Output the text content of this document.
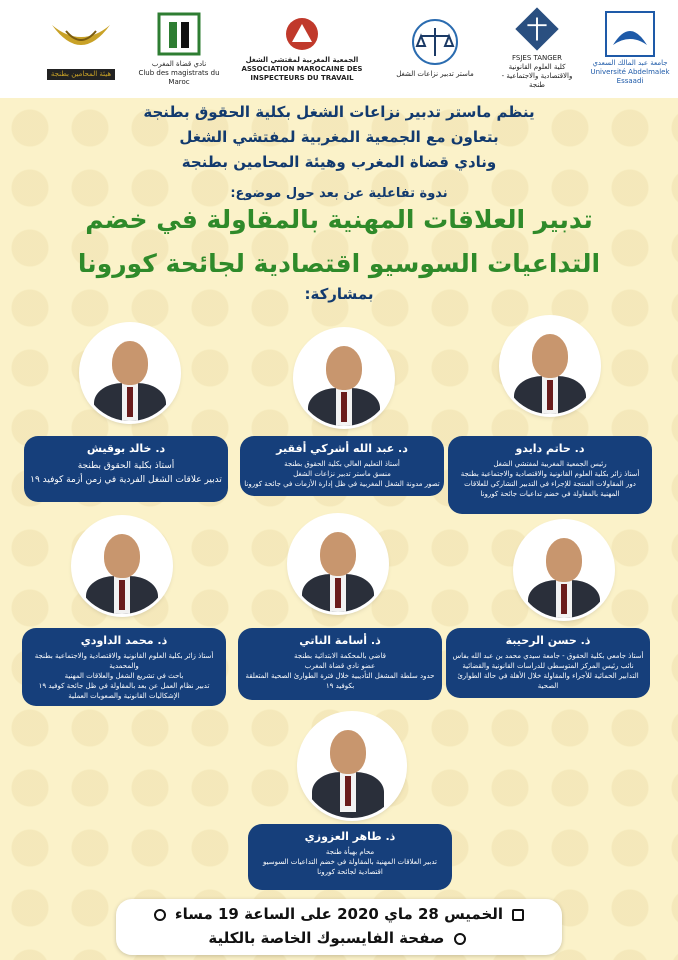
جامعة عبد المالك السعدي
Université Abdelmalek Essaadi
FSJES TANGER
كلية العلوم القانونية والاقتصادية والاجتماعية - طنجة
ماستر تدبير نزاعات الشغل
الجمعية المغربية لمفتشي الشغل
ASSOCIATION MAROCAINE DES INSPECTEURS DU TRAVAIL
نادي قضاة المغرب
Club des magistrats du Maroc
هيئة المحامين بطنجة
ينظم ماستر تدبير نزاعات الشغل بكلية الحقوق بطنجة
بتعاون مع الجمعية المغربية لمفتشي الشغل
ونادي قضاة المغرب وهيئة المحامين بطنجة
ندوة تفاعلية عن بعد حول موضوع:
تدبير العلاقات المهنية بالمقاولة في خضم
التداعيات السوسيو اقتصادية لجائحة كورونا
بمشاركة:
د. حاتم دايدو
رئيس الجمعية المغربية لمفتشي الشغل
أستاذ زائر بكلية العلوم القانونية والاقتصادية والاجتماعية بطنجة
دور المقاولات المنتجة للإجراء في التدبير التشاركي للعلاقات
المهنية بالمقاولة في خضم تداعيات جائحة كورونا
د. عبد الله أشركي أفقير
أستاذ التعليم العالي بكلية الحقوق بطنجة
منسق ماستر تدبير نزاعات الشغل
تصور مدونة الشغل المغربية في ظل إدارة الأزمات في جائحة كورونا
د. خالد بوقيش
أستاذ بكلية الحقوق بطنجة
تدبير علاقات الشغل الفردية في زمن أزمة كوفيد ١٩
ذ. حسن الرحيبة
أستاذ جامعي بكلية الحقوق - جامعة سيدي محمد بن عبد الله بفاس
نائب رئيس المركز المتوسطي للدراسات القانونية والقضائية
التدابير الحمائية للأجراء والمقاولة خلال الأهلة في حالة الطوارئ الصحية
ذ. أسامة الناتي
قاضي بالمحكمة الابتدائية بطنجة
عضو نادي قضاة المغرب
حدود سلطة المشغل التأديبية خلال فترة الطوارئ الصحية المتعلقة
بكوفيد ١٩
ذ. محمد الداودي
أستاذ زائر بكلية العلوم القانونية والاقتصادية والاجتماعية بطنجة والمحمدية
باحث في تشريع الشغل والعلاقات المهنية
تدبير نظام العمل عن بعد بالمقاولة في ظل جائحة كوفيد ١٩
الإشكاليات القانونية والصعوبات العملية
ذ. طاهر العزوزي
محام بهيأة طنجة
تدبير العلاقات المهنية بالمقاولة في خضم التداعيات السوسيو
اقتصادية لجائحة كورونا
الخميس 28 ماي 2020 على الساعة 19 مساء
صفحة الفايسبوك الخاصة بالكلية
